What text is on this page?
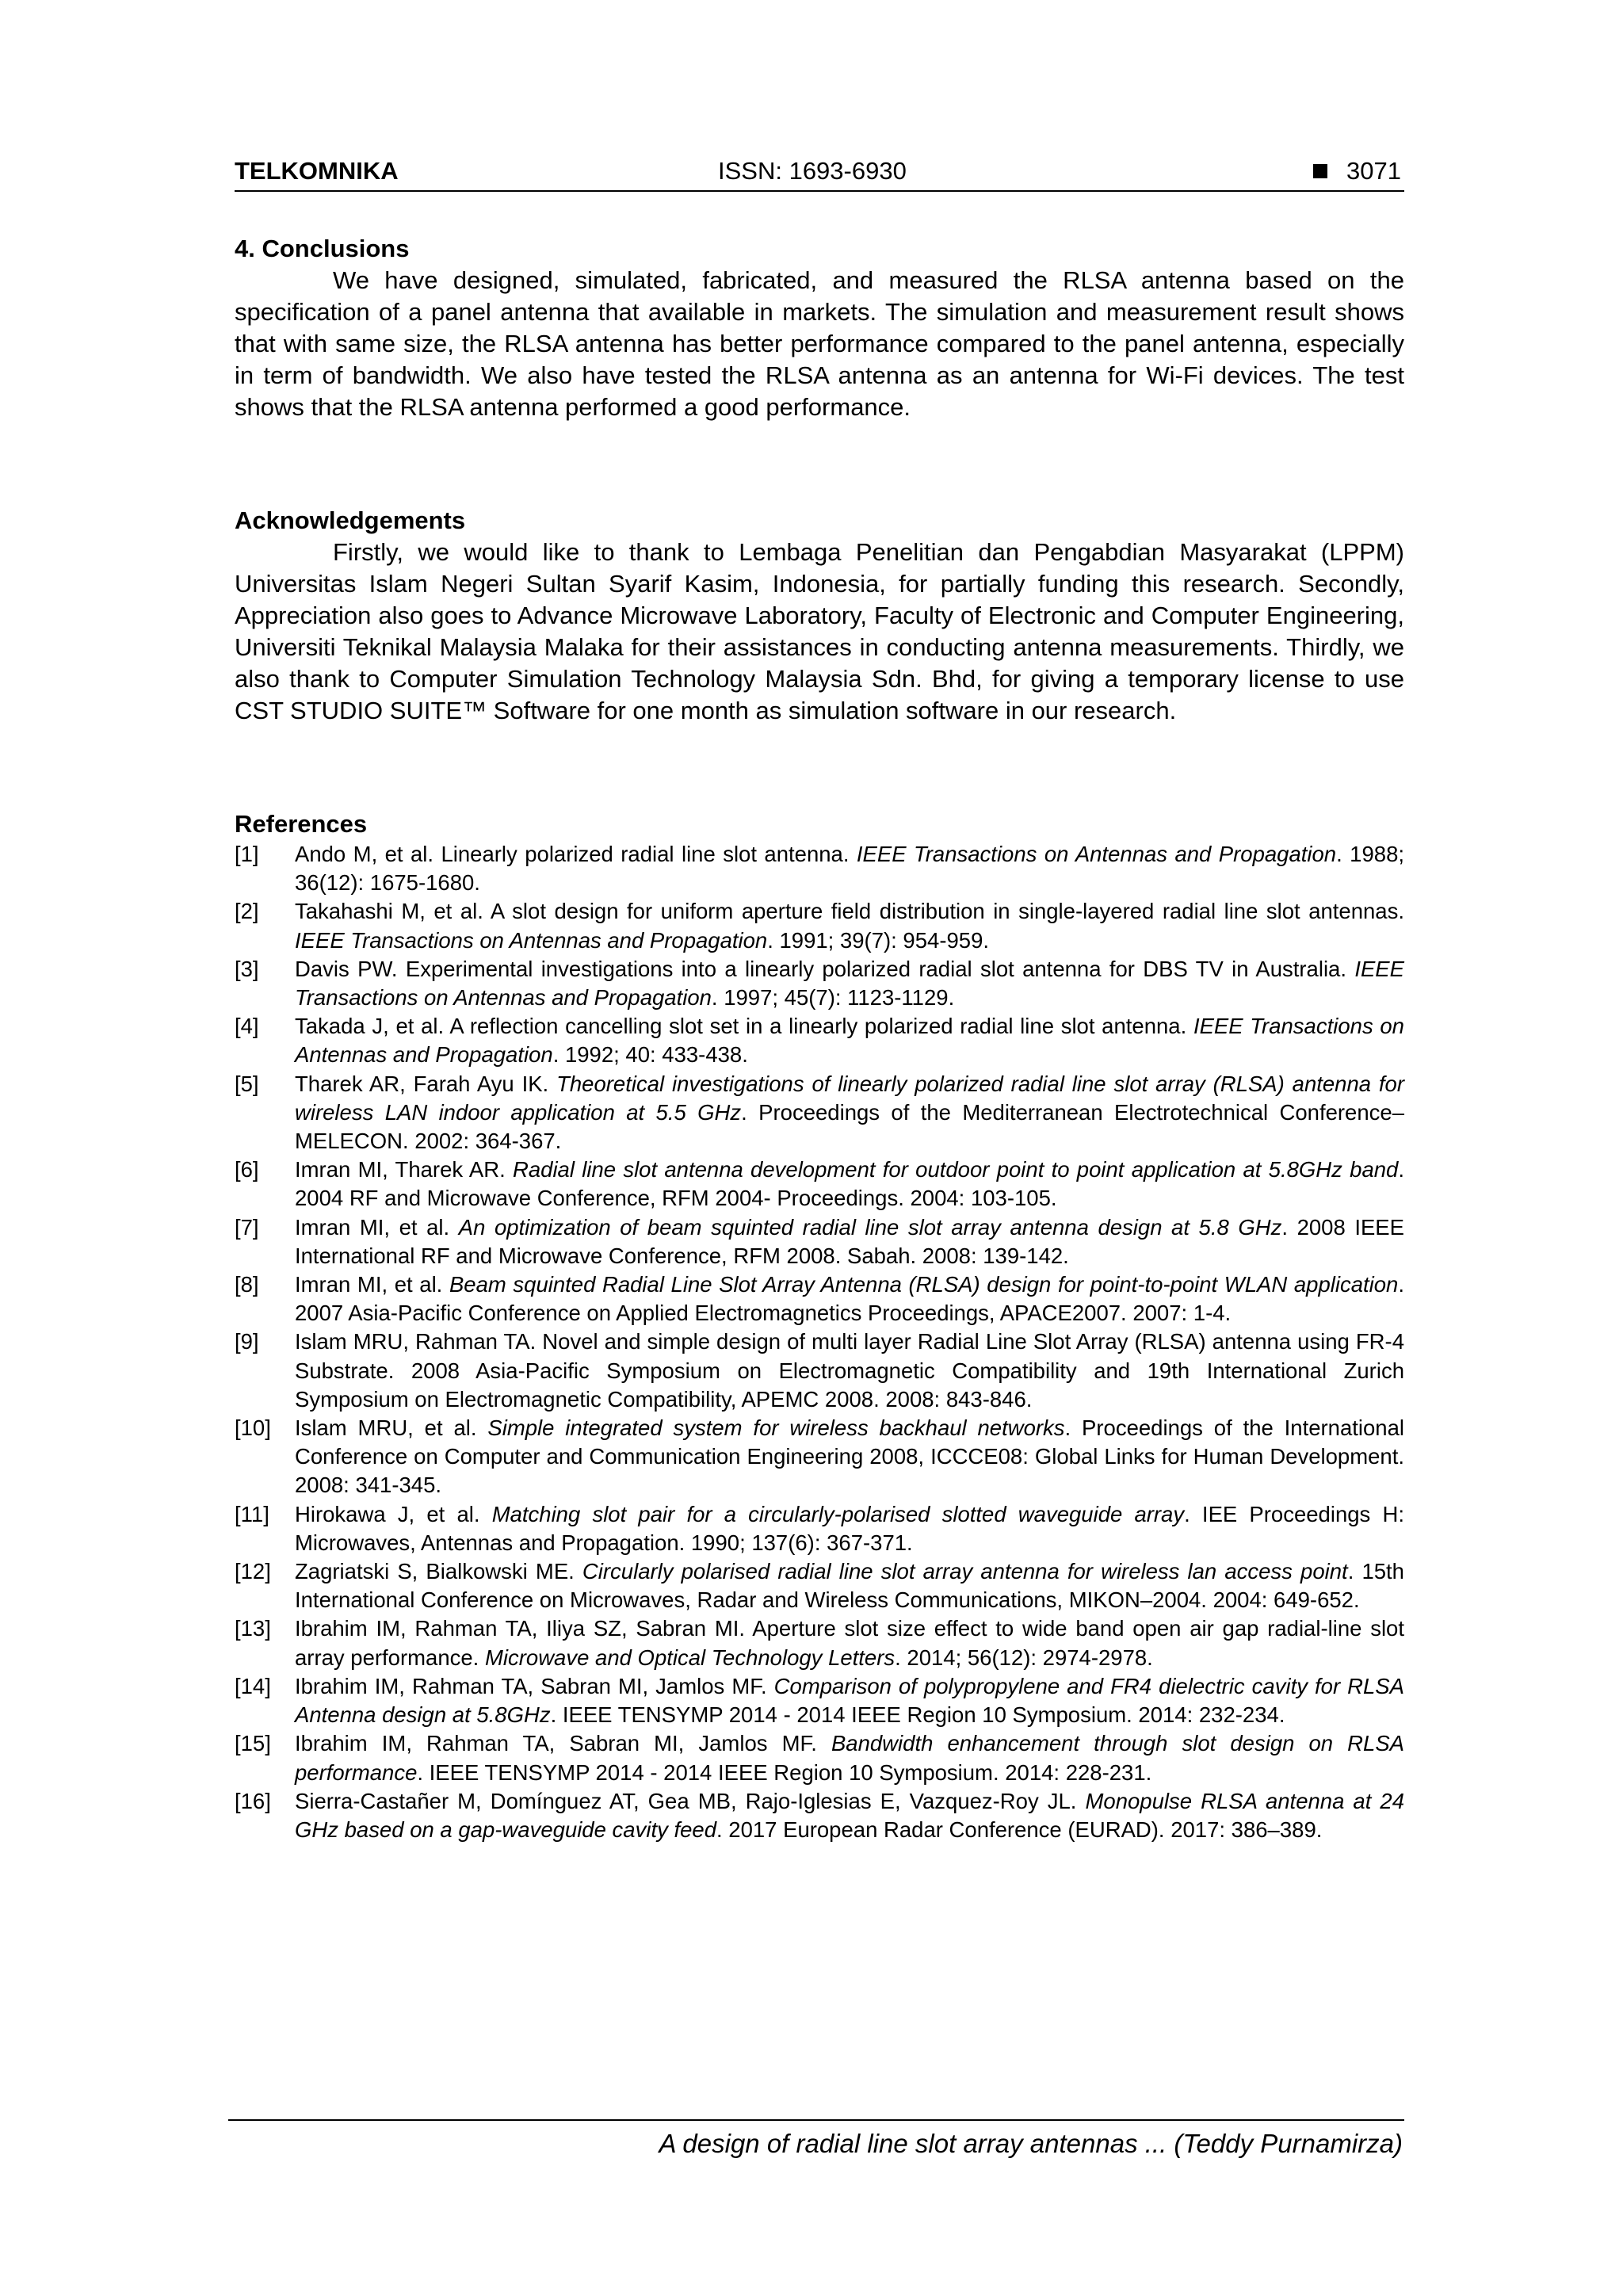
TELKOMNIKA	ISSN: 1693-6930	3071
4. Conclusions

We have designed, simulated, fabricated, and measured the RLSA antenna based on the specification of a panel antenna that available in markets. The simulation and measurement result shows that with same size, the RLSA antenna has better performance compared to the panel antenna, especially in term of bandwidth. We also have tested the RLSA antenna as an antenna for Wi-Fi devices. The test shows that the RLSA antenna performed a good performance.

Acknowledgements

Firstly, we would like to thank to Lembaga Penelitian dan Pengabdian Masyarakat (LPPM) Universitas Islam Negeri Sultan Syarif Kasim, Indonesia, for partially funding this research. Secondly, Appreciation also goes to Advance Microwave Laboratory, Faculty of Electronic and Computer Engineering, Universiti Teknikal Malaysia Malaka for their assistances in conducting antenna measurements. Thirdly, we also thank to Computer Simulation Technology Malaysia Sdn. Bhd, for giving a temporary license to use CST STUDIO SUITE™ Software for one month as simulation software in our research.

References
[1]	Ando M, et al. Linearly polarized radial line slot antenna. IEEE Transactions on Antennas and Propagation. 1988; 36(12): 1675-1680.
[2]	Takahashi M, et al. A slot design for uniform aperture field distribution in single-layered radial line slot antennas. IEEE Transactions on Antennas and Propagation. 1991; 39(7): 954-959.
[3]	Davis PW. Experimental investigations into a linearly polarized radial slot antenna for DBS TV in Australia. IEEE Transactions on Antennas and Propagation. 1997; 45(7): 1123-1129.
[4]	Takada J, et al. A reflection cancelling slot set in a linearly polarized radial line slot antenna. IEEE Transactions on Antennas and Propagation. 1992; 40: 433-438.
[5]	Tharek AR, Farah Ayu IK. Theoretical investigations of linearly polarized radial line slot array (RLSA) antenna for wireless LAN indoor application at 5.5 GHz. Proceedings of the Mediterranean Electrotechnical Conference–MELECON. 2002: 364-367.
[6]	Imran MI, Tharek AR. Radial line slot antenna development for outdoor point to point application at 5.8GHz band. 2004 RF and Microwave Conference, RFM 2004- Proceedings. 2004: 103-105.
[7]	Imran MI, et al. An optimization of beam squinted radial line slot array antenna design at 5.8 GHz. 2008 IEEE International RF and Microwave Conference, RFM 2008. Sabah. 2008: 139-142.
[8]	Imran MI, et al. Beam squinted Radial Line Slot Array Antenna (RLSA) design for point-to-point WLAN application. 2007 Asia-Pacific Conference on Applied Electromagnetics Proceedings, APACE2007. 2007: 1-4.
[9]	Islam MRU, Rahman TA. Novel and simple design of multi layer Radial Line Slot Array (RLSA) antenna using FR-4 Substrate. 2008 Asia-Pacific Symposium on Electromagnetic Compatibility and 19th International Zurich Symposium on Electromagnetic Compatibility, APEMC 2008. 2008: 843-846.
[10]	Islam MRU, et al. Simple integrated system for wireless backhaul networks. Proceedings of the International Conference on Computer and Communication Engineering 2008, ICCCE08: Global Links for Human Development. 2008: 341-345.
[11]	Hirokawa J, et al. Matching slot pair for a circularly-polarised slotted waveguide array. IEE Proceedings H: Microwaves, Antennas and Propagation. 1990; 137(6): 367-371.
[12]	Zagriatski S, Bialkowski ME. Circularly polarised radial line slot array antenna for wireless lan access point. 15th International Conference on Microwaves, Radar and Wireless Communications, MIKON–2004. 2004: 649-652.
[13]	Ibrahim IM, Rahman TA, Iliya SZ, Sabran MI. Aperture slot size effect to wide band open air gap radial-line slot array performance. Microwave and Optical Technology Letters. 2014; 56(12): 2974-2978.
[14]	Ibrahim IM, Rahman TA, Sabran MI, Jamlos MF. Comparison of polypropylene and FR4 dielectric cavity for RLSA Antenna design at 5.8GHz. IEEE TENSYMP 2014 - 2014 IEEE Region 10 Symposium. 2014: 232-234.
[15]	Ibrahim IM, Rahman TA, Sabran MI, Jamlos MF. Bandwidth enhancement through slot design on RLSA performance. IEEE TENSYMP 2014 - 2014 IEEE Region 10 Symposium. 2014: 228-231.
[16]	Sierra-Castañer M, Domínguez AT, Gea MB, Rajo-Iglesias E, Vazquez-Roy JL. Monopulse RLSA antenna at 24 GHz based on a gap-waveguide cavity feed. 2017 European Radar Conference (EURAD). 2017: 386–389.
A design of radial line slot array antennas ... (Teddy Purnamirza)
